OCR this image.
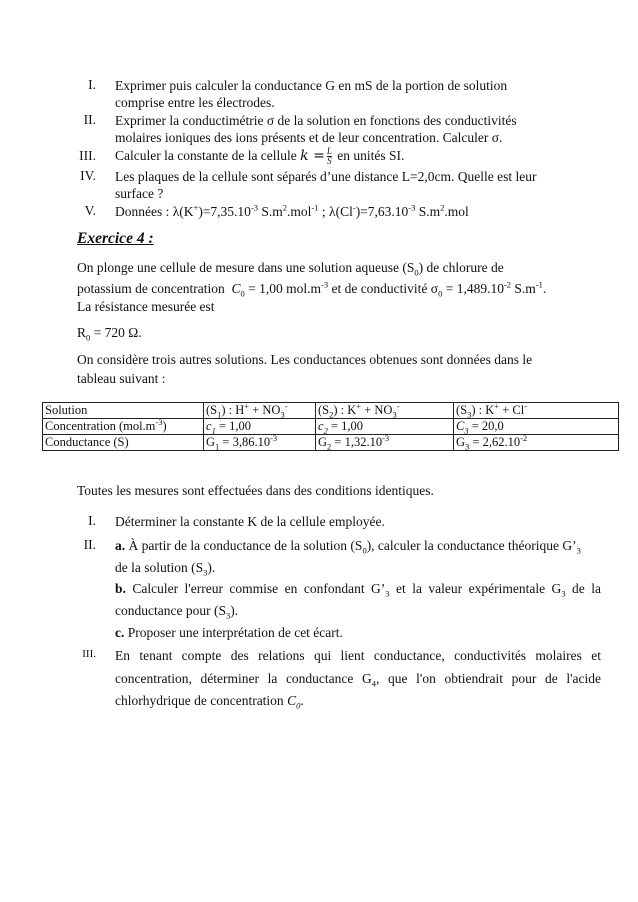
I. Exprimer puis calculer la conductance G en mS de la portion de solution
comprise entre les électrodes.
II. Exprimer la conductimétrie σ de la solution en fonctions des conductivités
molaires ioniques des ions présents et de leur concentration. Calculer σ.
III. Calculer la constante de la cellule $k = \frac{L}{S}$ en unités SI.
IV. Les plaques de la cellule sont séparés d’une distance L=2,0cm. Quelle est leur
surface ?
V. Données : $\lambda(K^+)=7,35.10^{-3}$ $S.m^2.mol^{-1}$ ; $\lambda(Cl^-)=7,63.10^{-3}$ $S.m^2.mol$
Exercice 4 :
On plonge une cellule de mesure dans une solution aqueuse $(S_0)$ de chlorure de
potassium de concentration $C_0 = 1,00$ $mol.m^{-3}$ et de conductivité $\sigma_0 = 1,489.10^{-2}$ $S.m^{-1}$.
La résistance mesurée est
$R_0 = 720$ Ω.
On considère trois autres solutions. Les conductances obtenues sont données dans le
tableau suivant :
Solution	$(S_1)$ : $H^+ + NO_3^-$	$(S_2)$ : $K^+ + NO_3^-$	$(S_3)$ : K+ + Cl-
Concentration $(mol.m^{-3})$	$c_1 = 1,00$	$c_2 = 1,00$	$C_3 = 20,0$
Conductance (S)	$G_1 = 3,86.10^{-3}$	$G_2 = 1,32.10^{-3}$	$G_3 = 2,62.10^{-2}$
Toutes les mesures sont effectuées dans des conditions identiques.
I. Déterminer la constante K de la cellule employée.
II. a. À partir de la conductance de la solution $(S_0)$, calculer la conductance théorique $G’_3$
de la solution $(S_3)$.
b. Calculer l'erreur commise en confondant $G’_3$ et la valeur expérimentale $G_3$ de la
conductance pour $(S_3)$.
c. Proposer une interprétation de cet écart.
III. En tenant compte des relations qui lient conductance, conductivités molaires et
concentration, déterminer la conductance $G_4$, que l'on obtiendrait pour de l'acide
chlorhydrique de concentration $C_0$.
